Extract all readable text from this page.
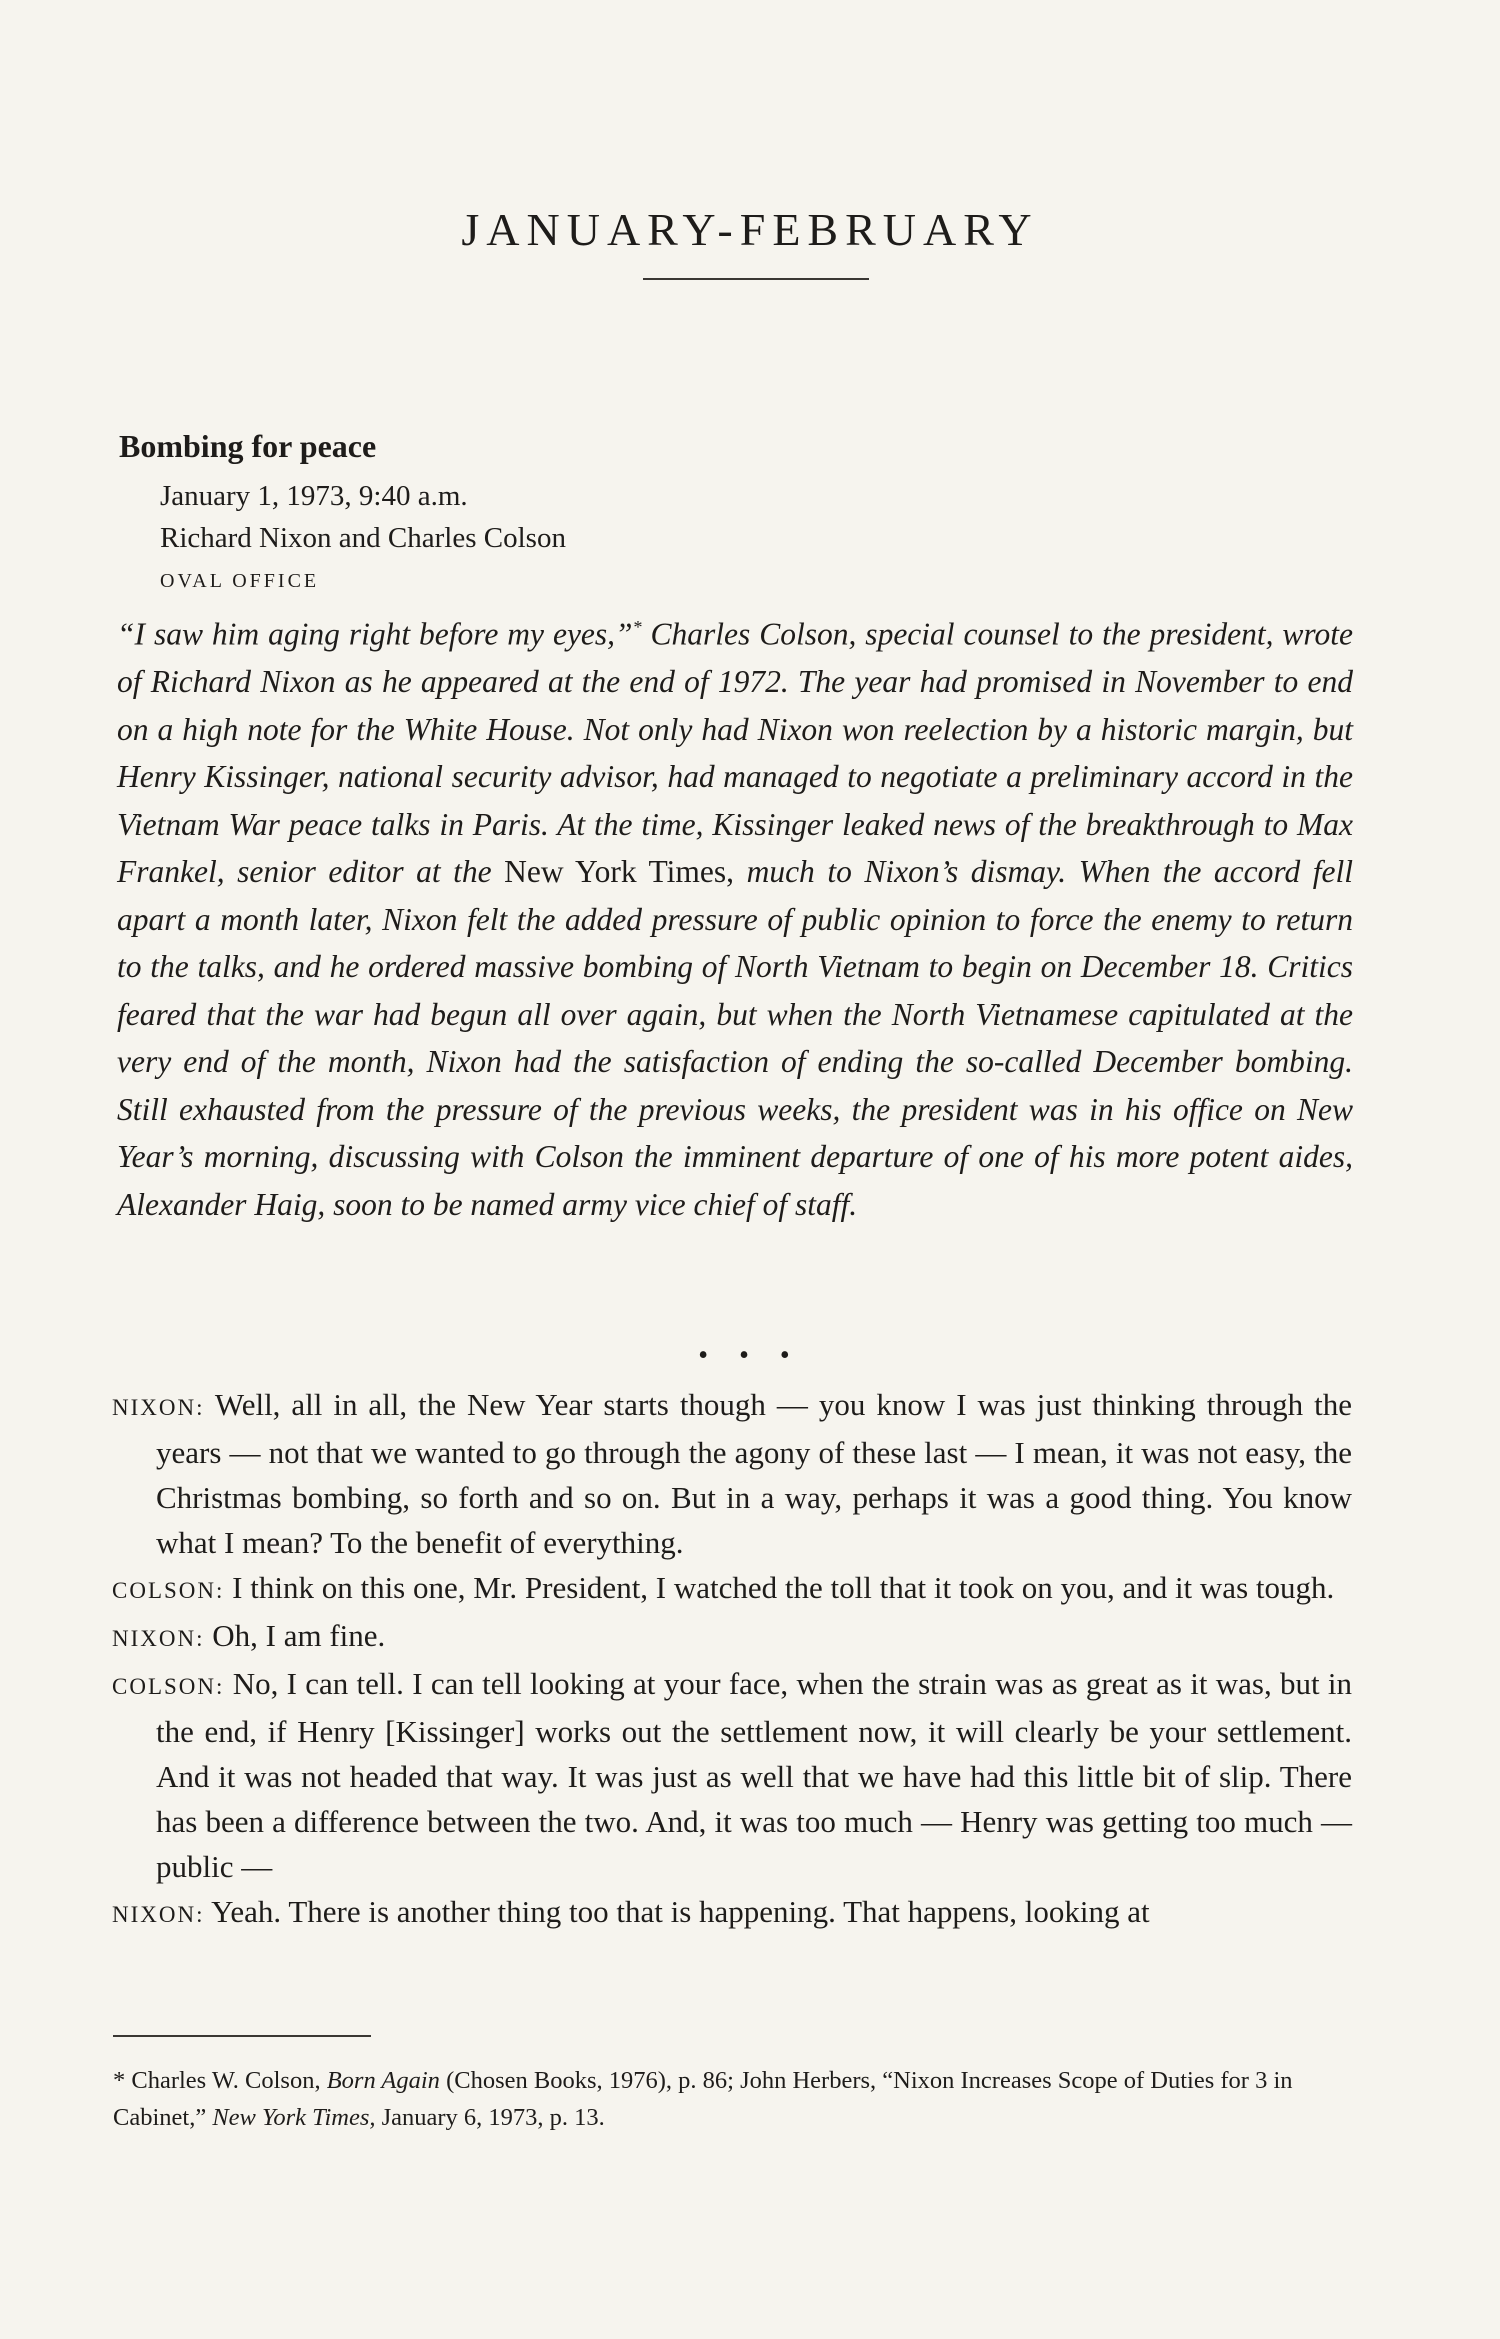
JANUARY-FEBRUARY
Bombing for peace
January 1, 1973, 9:40 a.m.
Richard Nixon and Charles Colson
OVAL OFFICE

“I saw him aging right before my eyes,”* Charles Colson, special counsel to the president, wrote of Richard Nixon as he appeared at the end of 1972. The year had promised in November to end on a high note for the White House. Not only had Nixon won reelection by a historic margin, but Henry Kissinger, national security advisor, had managed to negotiate a preliminary accord in the Vietnam War peace talks in Paris. At the time, Kissinger leaked news of the breakthrough to Max Frankel, senior editor at the New York Times, much to Nixon’s dismay. When the accord fell apart a month later, Nixon felt the added pressure of public opinion to force the enemy to return to the talks, and he ordered massive bombing of North Vietnam to begin on December 18. Critics feared that the war had begun all over again, but when the North Vietnamese capitulated at the very end of the month, Nixon had the satisfaction of ending the so-called December bombing. Still exhausted from the pressure of the previous weeks, the president was in his office on New Year’s morning, discussing with Colson the imminent departure of one of his more potent aides, Alexander Haig, soon to be named army vice chief of staff.

• • •

NIXON: Well, all in all, the New Year starts though — you know I was just thinking through the years — not that we wanted to go through the agony of these last — I mean, it was not easy, the Christmas bombing, so forth and so on. But in a way, perhaps it was a good thing. You know what I mean? To the benefit of everything.

COLSON: I think on this one, Mr. President, I watched the toll that it took on you, and it was tough.

NIXON: Oh, I am fine.

COLSON: No, I can tell. I can tell looking at your face, when the strain was as great as it was, but in the end, if Henry [Kissinger] works out the settlement now, it will clearly be your settlement. And it was not headed that way. It was just as well that we have had this little bit of slip. There has been a difference between the two. And, it was too much — Henry was getting too much — public —

NIXON: Yeah. There is another thing too that is happening. That happens, looking at

* Charles W. Colson, Born Again (Chosen Books, 1976), p. 86; John Herbers, “Nixon Increases Scope of Duties for 3 in Cabinet,” New York Times, January 6, 1973, p. 13.
